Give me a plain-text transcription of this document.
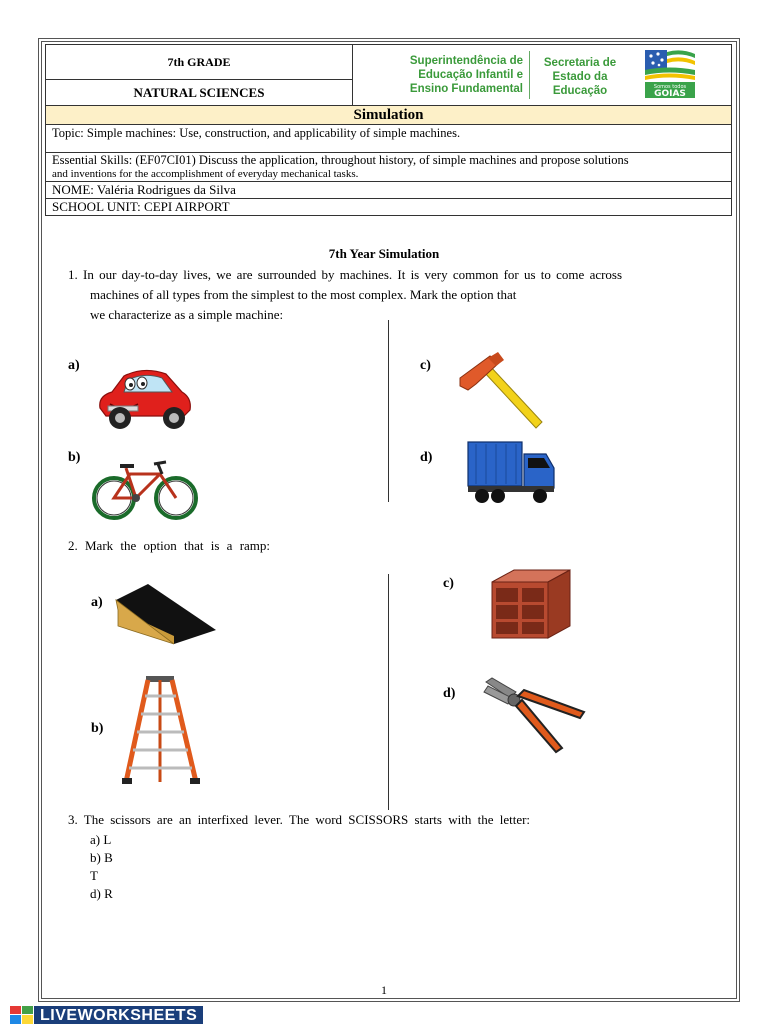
7th GRADE	Superintendência de
Educação Infantil e
Ensino Fundamental
Secretaria de
Estado da
Educação	Somos todos
GOIAS

NATURAL SCIENCES
Simulation
Topic: Simple machines: Use, construction, and applicability of simple machines.

Essential Skills: (EF07CI01) Discuss the application, throughout history, of simple machines and propose solutions
and inventions for the accomplishment of everyday mechanical tasks.

NOME: Valéria Rodrigues da Silva
SCHOOL UNIT: CEPI AIRPORT
7th Year Simulation
1. In our day-to-day lives, we are surrounded by machines. It is very common for us to come across
machines of all types from the simplest to the most complex. Mark the option that
we characterize as a simple machine:
a)
b)
c)
d)
2. Mark the option that is a ramp:
a)
b)
c)
d)
3. The scissors are an interfixed lever. The word SCISSORS starts with the letter:
a) L
b) B
T
d) R
1
LIVEWORKSHEETS
